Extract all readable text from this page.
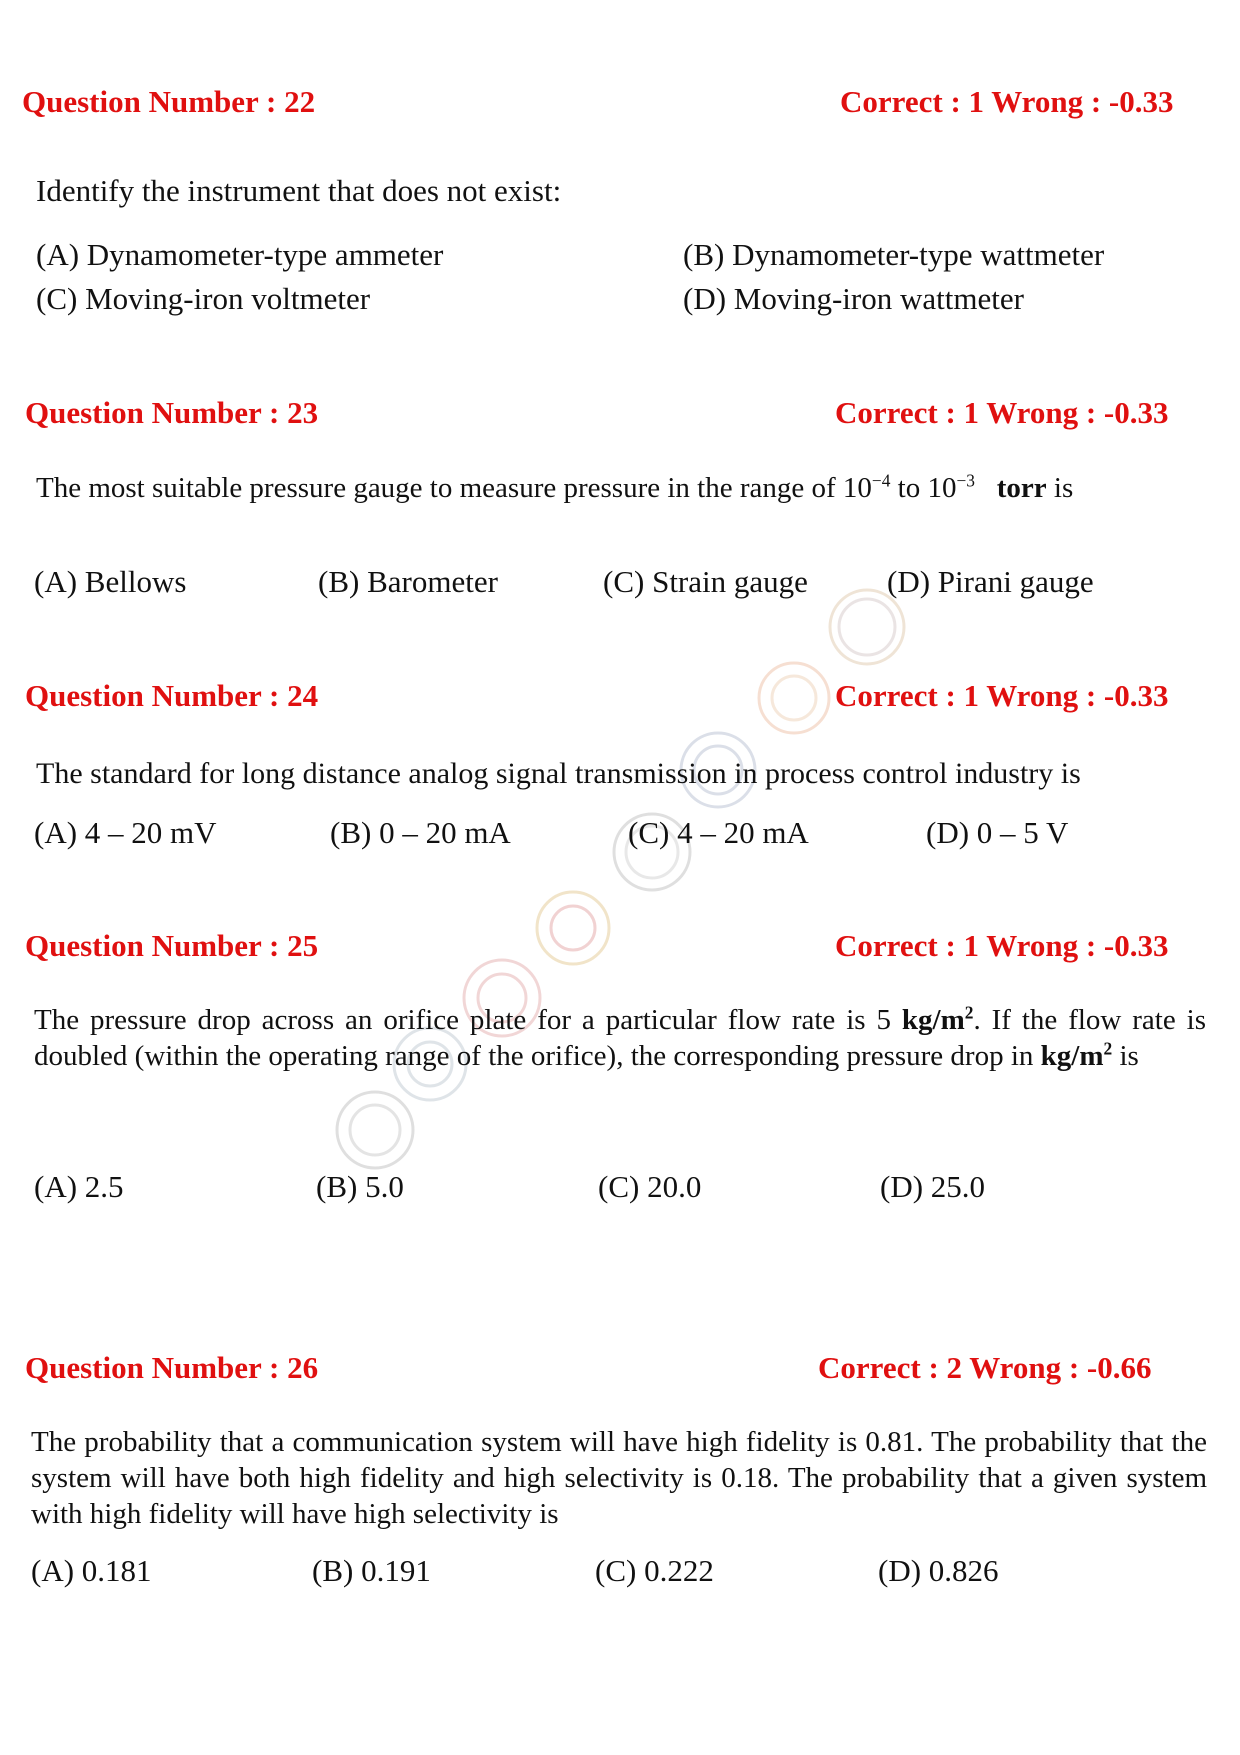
Question Number : 22	Correct : 1 Wrong : -0.33
Identify the instrument that does not exist:
(A) Dynamometer-type ammeter	(B) Dynamometer-type wattmeter
(C) Moving-iron voltmeter	(D) Moving-iron wattmeter
Question Number : 23	Correct : 1 Wrong : -0.33
The most suitable pressure gauge to measure pressure in the range of $10^{-4}$ to $10^{-3}$ torr is
(A) Bellows	(B) Barometer	(C) Strain gauge	(D) Pirani gauge
Question Number : 24	Correct : 1 Wrong : -0.33
The standard for long distance analog signal transmission in process control industry is
(A) 4 – 20 mV	(B) 0 – 20 mA	(C) 4 – 20 mA	(D) 0 – 5 V
Question Number : 25	Correct : 1 Wrong : -0.33
The pressure drop across an orifice plate for a particular flow rate is 5 $kg/m^2$. If the flow rate is doubled (within the operating range of the orifice), the corresponding pressure drop in $kg/m^2$ is
(A) 2.5	(B) 5.0	(C) 20.0	(D) 25.0
Question Number : 26	Correct : 2 Wrong : -0.66
The probability that a communication system will have high fidelity is 0.81. The probability that the system will have both high fidelity and high selectivity is 0.18. The probability that a given system with high fidelity will have high selectivity is
(A) 0.181	(B) 0.191	(C) 0.222	(D) 0.826
